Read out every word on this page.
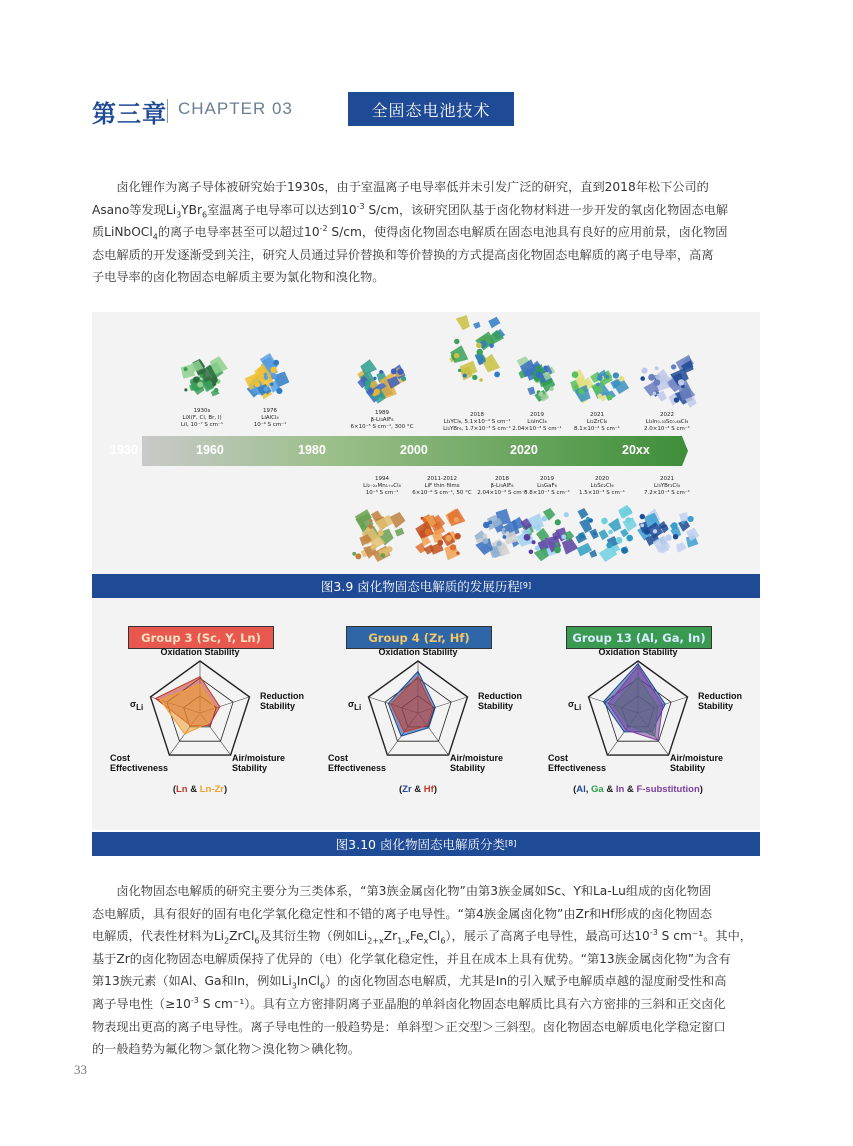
第三章 CHAPTER 03	全固态电池技术
  卤化锂作为离子导体被研究始于1930s，由于室温离子电导率低并未引发广泛的研究，直到2018年松下公司的
Asano等发现$Li_3YBr_6$室温离子电导率可以达到$10^{-3}$ S/cm，该研究团队基于卤化物材料进一步开发的氧卤化物固态电解
质LiNbOCl$_4$的离子电导率甚至可以超过$10^{-2}$ S/cm，使得卤化物固态电解质在固态电池具有良好的应用前景，卤化物固
态电解质的开发逐渐受到关注，研究人员通过异价替换和等价替换的方式提高卤化物固态电解质的离子电导率，高离
子电导率的卤化物固态电解质主要为氯化物和溴化物。
1930	1960	1980	2000	2020	20xx
1930s
LiX(F, Cl, Br, I)
LiI, 10⁻⁷ S cm⁻¹
1976
LiAlCl₄
10⁻⁶ S cm⁻¹
1989
β-Li₃AlF₆
6×10⁻⁵ S cm⁻¹, 300 °C
2018
Li₃YCl₆, 5.1×10⁻⁴ S cm⁻¹
Li₃YBr₆, 1.7×10⁻³ S cm⁻¹
2019
Li₃InCl₆
2.04×10⁻³ S cm⁻¹
2021
Li₂ZrCl₆
8.1×10⁻⁴ S cm⁻¹
2022
Li₂In₀.₃₃Sc₀.₆₆Cl₄
2.0×10⁻³ S cm⁻¹
1994
Li₂₋₂ₓMn₁₊ₓCl₄
10⁻⁵ S cm⁻¹
2011-2012
LiF thin films
6×10⁻⁹ S cm⁻¹, 50 °C
2018
β-Li₃AlF₆
2.04×10⁻³ S cm⁻¹
2019
Li₃GaF₆
8.8×10⁻⁷ S cm⁻¹
2020
Li₃Sc₂Cl₆
1.5×10⁻³ S cm⁻¹
2021
Li₃YBr₂Cl₄
7.2×10⁻³ S cm⁻¹
图3.9 卤化物固态电解质的发展历程 [9]
Group 3 (Sc, Y, Ln)
Oxidation Stability
Reduction
Stability
Air/moisture
Stability
Cost
Effectiveness
$\sigma_{Li}$
(Ln & Ln-Zr)
Group 4 (Zr, Hf)
Oxidation Stability
Reduction
Stability
Air/moisture
Stability
Cost
Effectiveness
$\sigma_{Li}$
(Zr & Hf)
Group 13 (Al, Ga, In)
Oxidation Stability
Reduction
Stability
Air/moisture
Stability
Cost
Effectiveness
$\sigma_{Li}$
(Al, Ga & In & F-substitution)
图3.10 卤化物固态电解质分类 [8]
  卤化物固态电解质的研究主要分为三类体系，“第3族金属卤化物”由第3族金属如Sc、Y和La-Lu组成的卤化物固
态电解质，具有很好的固有电化学氧化稳定性和不错的离子电导性。“第4族金属卤化物”由Zr和Hf形成的卤化物固态
电解质，代表性材料为$Li_2ZrCl_6$及其衍生物（例如$Li_{2+x}Zr_{1-x}Fe_xCl_6$），展示了高离子电导性，最高可达$10^{-3}$ S cm⁻¹。其中，
基于Zr的卤化物固态电解质保持了优异的（电）化学氧化稳定性，并且在成本上具有优势。“第13族金属卤化物”为含有
第13族元素（如Al、Ga和In，例如$Li_3InCl_6$）的卤化物固态电解质，尤其是In的引入赋予电解质卓越的湿度耐受性和高
离子导电性（$\ge 10^{-3}$ S cm⁻¹）。具有立方密排阴离子亚晶胞的单斜卤化物固态电解质比具有六方密排的三斜和正交卤化
物表现出更高的离子电导性。离子导电性的一般趋势是：单斜型＞正交型＞三斜型。卤化物固态电解质电化学稳定窗口
的一般趋势为氟化物＞氯化物＞溴化物＞碘化物。
33
